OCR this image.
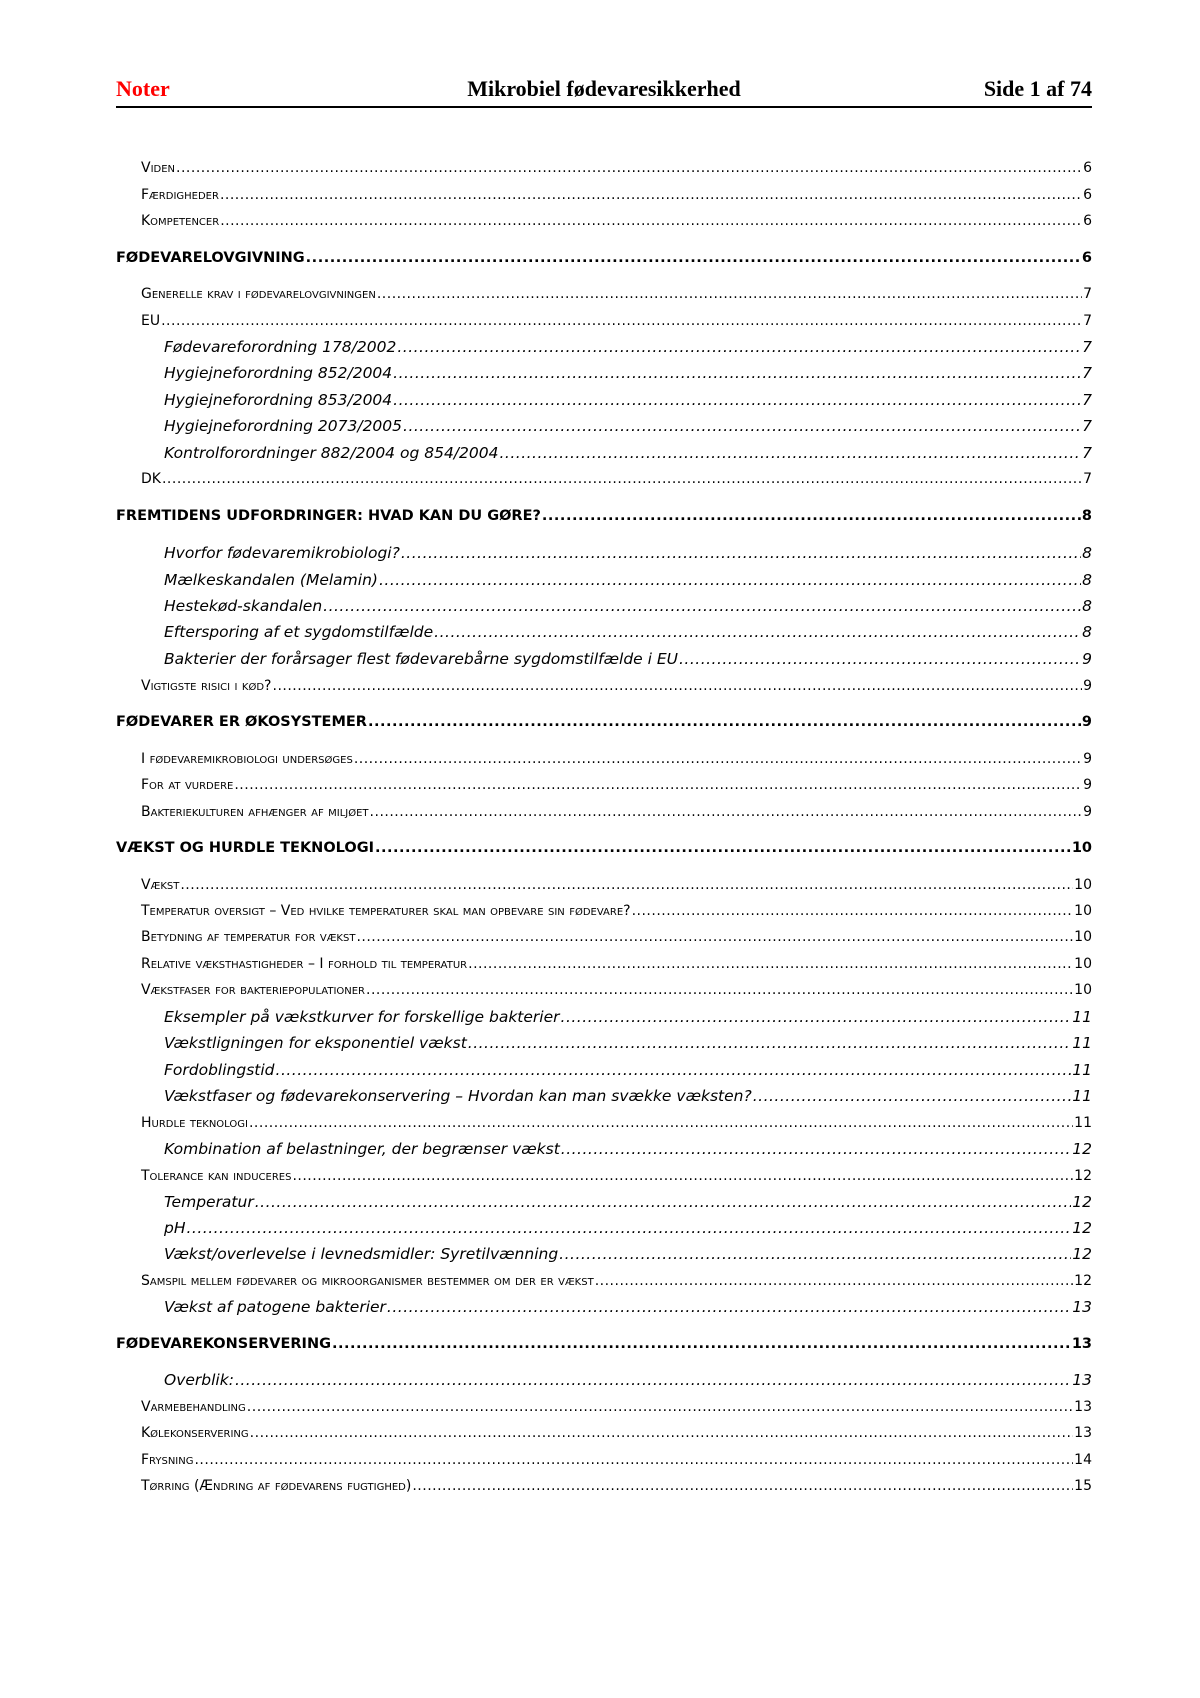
Noter	Mikrobiel fødevaresikkerhed	Side 1 af 74
Viden .....	6
Færdigheder .....	6
Kompetencer .....	6
FØDEVARELOVGIVNING .....	6
Generelle krav i fødevarelovgivningen .....	7
EU .....	7
Fødevareforordning 178/2002 .....	7
Hygiejneforordning 852/2004 .....	7
Hygiejneforordning 853/2004 .....	7
Hygiejneforordning 2073/2005 .....	7
Kontrolforordninger 882/2004 og 854/2004 .....	7
DK .....	7
FREMTIDENS UDFORDRINGER: HVAD KAN DU GØRE? .....	8
Hvorfor fødevaremikrobiologi? .....	8
Mælkeskandalen (Melamin) .....	8
Hestekød-skandalen .....	8
Eftersporing af et sygdomstilfælde .....	8
Bakterier der forårsager flest fødevarebårne sygdomstilfælde i EU .....	9
Vigtigste risici i kød? .....	9
FØDEVARER ER ØKOSYSTEMER .....	9
I fødevaremikrobiologi undersøges .....	9
For at vurdere .....	9
Bakteriekulturen afhænger af miljøet .....	9
VÆKST OG HURDLE TEKNOLOGI .....	10
Vækst .....	10
Temperatur oversigt – Ved hvilke temperaturer skal man opbevare sin fødevare? .....	10
Betydning af temperatur for vækst .....	10
Relative væksthastigheder – I forhold til temperatur .....	10
Vækstfaser for bakteriepopulationer .....	10
Eksempler på vækstkurver for forskellige bakterier .....	11
Vækstligningen for eksponentiel vækst .....	11
Fordoblingstid .....	11
Vækstfaser og fødevarekonservering – Hvordan kan man svække væksten? .....	11
Hurdle teknologi .....	11
Kombination af belastninger, der begrænser vækst .....	12
Tolerance kan induceres .....	12
Temperatur .....	12
pH .....	12
Vækst/overlevelse i levnedsmidler: Syretilvænning .....	12
Samspil mellem fødevarer og mikroorganismer bestemmer om der er vækst .....	12
Vækst af patogene bakterier .....	13
FØDEVAREKONSERVERING .....	13
Overblik: .....	13
Varmebehandling .....	13
Kølekonservering .....	13
Frysning .....	14
Tørring (Ændring af fødevarens fugtighed) .....	15
